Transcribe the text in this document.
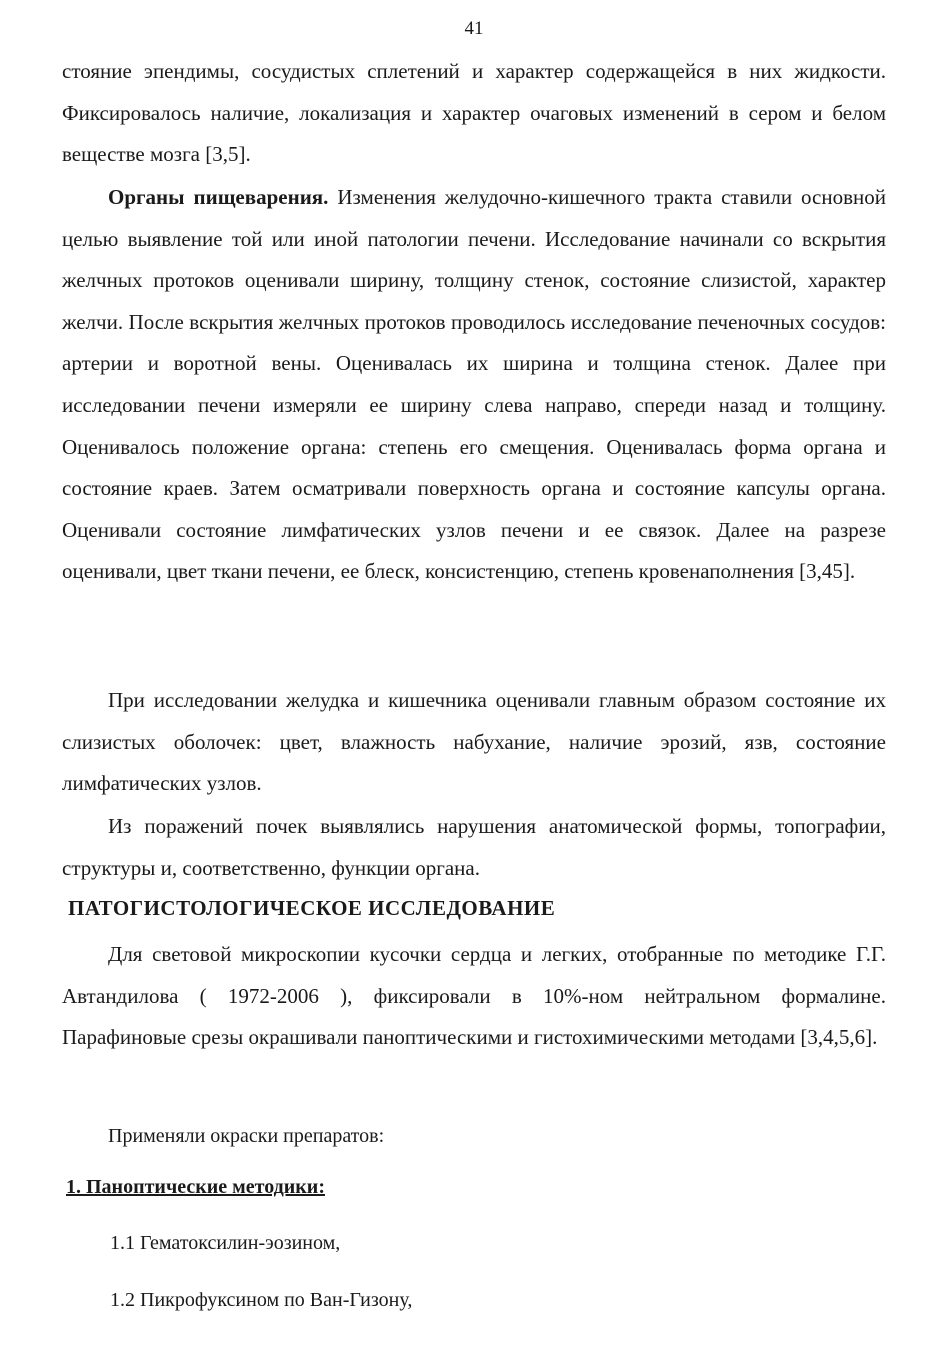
41

стояние эпендимы, сосудистых сплетений и характер содержащейся в них жидкости. Фиксировалось наличие, локализация и характер очаговых изменений в сером и белом веществе мозга [3,5].

Органы пищеварения. Изменения желудочно-кишечного тракта ставили основной целью выявление той или иной патологии печени. Исследование начинали со вскрытия желчных протоков оценивали ширину, толщину стенок, состояние слизистой, характер желчи. После вскрытия желчных протоков проводилось исследование печеночных сосудов: артерии и воротной вены. Оценивалась их ширина и толщина стенок. Далее при исследовании печени измеряли ее ширину слева направо, спереди назад и толщину. Оценивалось положение органа: степень его смещения. Оценивалась форма органа и состояние краев. Затем осматривали поверхность органа и состояние капсулы органа. Оценивали состояние лимфатических узлов печени и ее связок. Далее на разрезе оценивали, цвет ткани печени, ее блеск, консистенцию, степень кровенаполнения [3,45].

При исследовании желудка и кишечника оценивали главным образом состояние их слизистых оболочек: цвет, влажность набухание, наличие эрозий, язв, состояние лимфатических узлов.

Из поражений почек выявлялись нарушения анатомической формы, топографии, структуры и, соответственно, функции органа.

ПАТОГИСТОЛОГИЧЕСКОЕ ИССЛЕДОВАНИЕ

Для световой микроскопии кусочки сердца и легких, отобранные по методике Г.Г. Автандилова ( 1972-2006 ), фиксировали в 10%-ном нейтральном формалине. Парафиновые срезы окрашивали паноптическими и гистохимическими методами [3,4,5,6].

Применяли окраски препаратов:
1. Паноптические методики:
1.1 Гематоксилин-эозином,
1.2 Пикрофуксином по Ван-Гизону,
